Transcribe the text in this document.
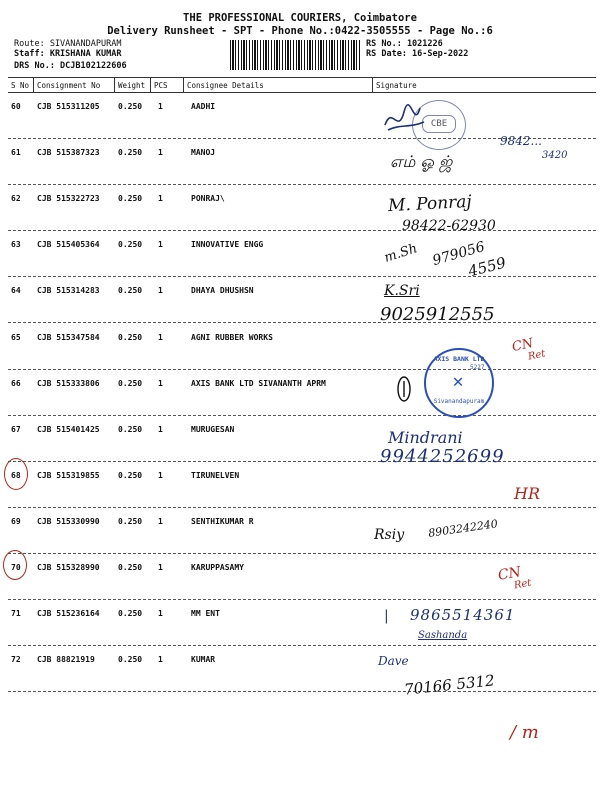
THE PROFESSIONAL COURIERS, Coimbatore
Delivery Runsheet - SPT - Phone No.:0422-3505555 - Page No.:6
Route: SIVANANDAPURAM
Staff: KRISHANA KUMAR
DRS No.: DCJB102122606
RS No.: 1021226
RS Date: 16-Sep-2022
S No Consignment No Weight PCS	Consignee Details	Signature
60 CJB 515311205 0.250 1	AADHI
61 CJB 515387323 0.250 1	MANOJ
62 CJB 515322723 0.250 1	PONRAJ\
63 CJB 515405364 0.250 1	INNOVATIVE ENGG
64 CJB 515314283 0.250 1	DHAYA DHUSHSN
65 CJB 515347584 0.250 1	AGNI RUBBER WORKS
66 CJB 515333806 0.250 1	AXIS BANK LTD SIVANANTH APRM
67 CJB 515401425 0.250 1	MURUGESAN
68 CJB 515319855 0.250 1	TIRUNELVEN
69 CJB 515330990 0.250 1	SENTHIKUMAR R
70 CJB 515328990 0.250 1	KARUPPASAMY
71 CJB 515236164 0.250 1	MM ENT
72 CJB 88821919	0.250 1	KUMAR
CBE
AXIS BANK LTD
✕
5227
Sivanandapuram
9842...
3420
எம் ஓ ஜ்
M. Ponraj
98422-62930
m.Sh 979056
4559
K.Sri
9025912555
CN
Ret
Mindrani
9944252699
HR
Rsiy 8903242240
CN
Ret
| 9865514361
Sashanda
Dave
70166 5312
/ m
